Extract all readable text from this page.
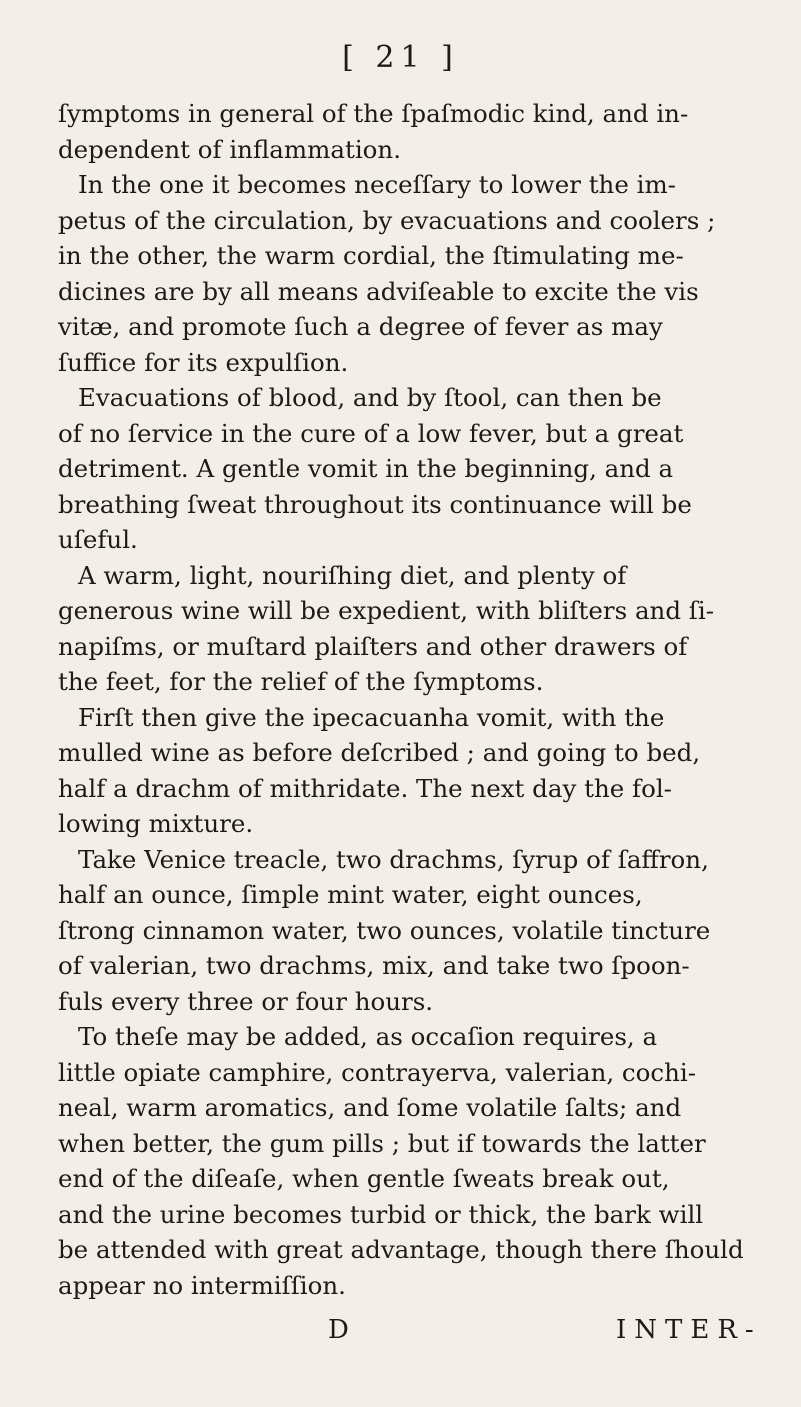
[ 21 ]
ſymptoms in general of the ſpaſmodic kind, and in-
dependent of inflammation.
In the one it becomes neceſſary to lower the im-
petus of the circulation, by evacuations and coolers ;
in the other, the warm cordial, the ſtimulating me-
dicines are by all means adviſeable to excite the vis
vitæ, and promote ſuch a degree of fever as may
ſuffice for its expulſion.
Evacuations of blood, and by ſtool, can then be
of no ſervice in the cure of a low fever, but a great
detriment. A gentle vomit in the beginning, and a
breathing ſweat throughout its continuance will be
uſeful.
A warm, light, nouriſhing diet, and plenty of
generous wine will be expedient, with bliſters and ſi-
napiſms, or muſtard plaiſters and other drawers of
the feet, for the relief of the ſymptoms.
Firſt then give the ipecacuanha vomit, with the
mulled wine as before deſcribed ; and going to bed,
half a drachm of mithridate. The next day the fol-
lowing mixture.
Take Venice treacle, two drachms, ſyrup of ſaffron,
half an ounce, ſimple mint water, eight ounces,
ſtrong cinnamon water, two ounces, volatile tincture
of valerian, two drachms, mix, and take two ſpoon-
fuls every three or four hours.
To theſe may be added, as occaſion requires, a
little opiate camphire, contrayerva, valerian, cochi-
neal, warm aromatics, and ſome volatile ſalts; and
when better, the gum pills ; but if towards the latter
end of the diſeaſe, when gentle ſweats break out,
and the urine becomes turbid or thick, the bark will
be attended with great advantage, though there ſhould
appear no intermiſſion.
D	INTER-
